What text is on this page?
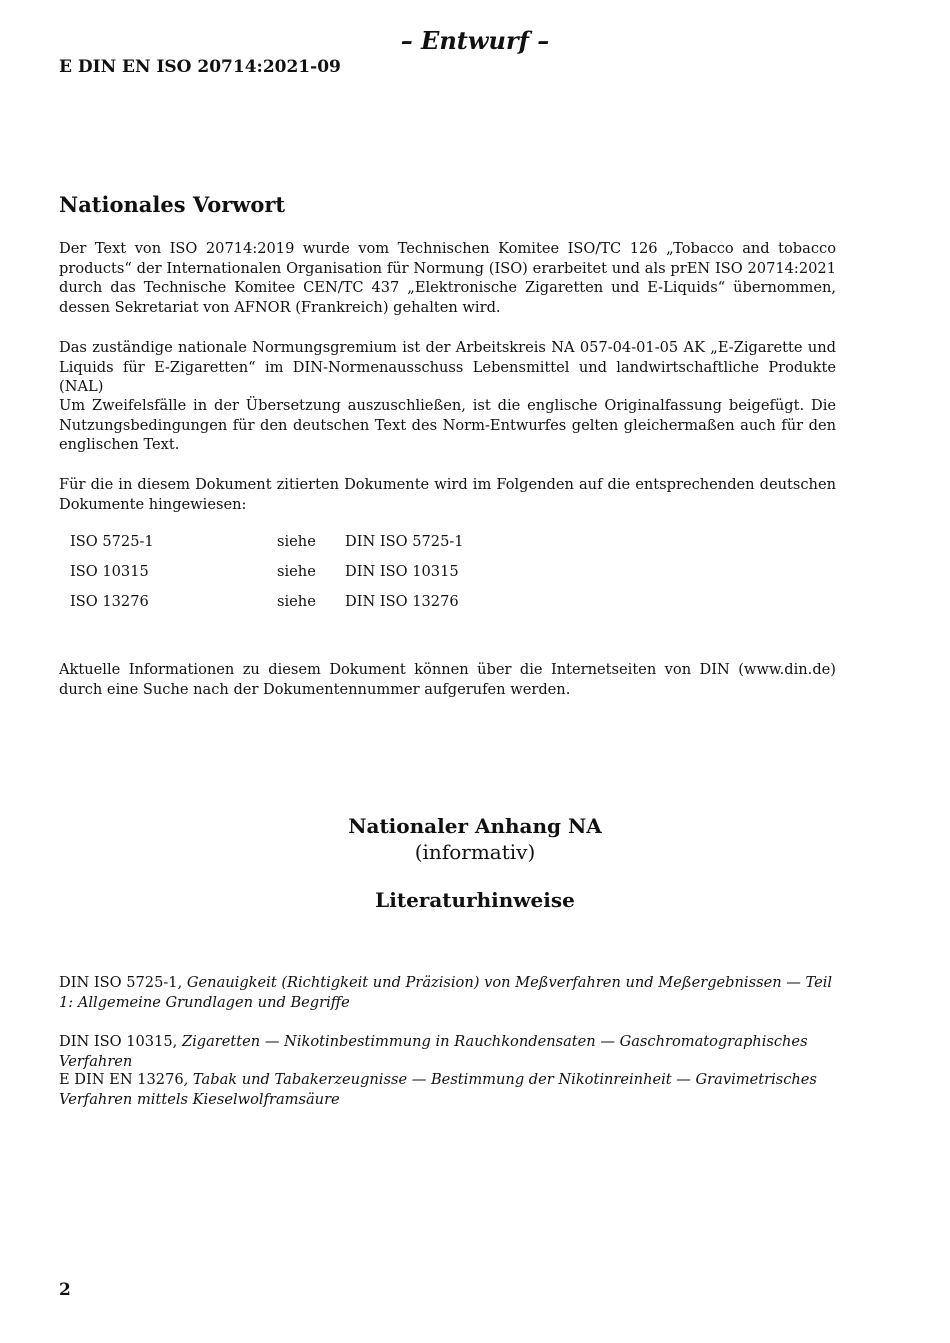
– Entwurf –
E DIN EN ISO 20714:2021-09
Nationales Vorwort

Der Text von ISO 20714:2019 wurde vom Technischen Komitee ISO/TC 126 „Tobacco and tobacco products“ der Internationalen Organisation für Normung (ISO) erarbeitet und als prEN ISO 20714:2021 durch das Technische Komitee CEN/TC 437 „Elektronische Zigaretten und E-Liquids“ übernommen, dessen Sekretariat von AFNOR (Frankreich) gehalten wird.

Das zuständige nationale Normungsgremium ist der Arbeitskreis NA 057-04-01-05 AK „E-Zigarette und Liquids für E-Zigaretten“ im DIN-Normenausschuss Lebensmittel und landwirtschaftliche Produkte (NAL)

Um Zweifelsfälle in der Übersetzung auszuschließen, ist die englische Originalfassung beigefügt. Die Nutzungsbedingungen für den deutschen Text des Norm-Entwurfes gelten gleichermaßen auch für den englischen Text.

Für die in diesem Dokument zitierten Dokumente wird im Folgenden auf die entsprechenden deutschen Dokumente hingewiesen:

ISO 5725-1	siehe DIN ISO 5725-1
ISO 10315	siehe DIN ISO 10315
ISO 13276	siehe DIN ISO 13276

Aktuelle Informationen zu diesem Dokument können über die Internetseiten von DIN (www.din.de) durch eine Suche nach der Dokumentennummer aufgerufen werden.

Nationaler Anhang NA
(informativ)
Literaturhinweise
DIN ISO 5725-1, Genauigkeit (Richtigkeit und Präzision) von Meßverfahren und Meßergebnissen — Teil 1: Allgemeine Grundlagen und Begriffe
DIN ISO 10315, Zigaretten — Nikotinbestimmung in Rauchkondensaten — Gaschromatographisches Verfahren
E DIN EN 13276, Tabak und Tabakerzeugnisse — Bestimmung der Nikotinreinheit — Gravimetrisches Verfahren mittels Kieselwolframsäure
2
